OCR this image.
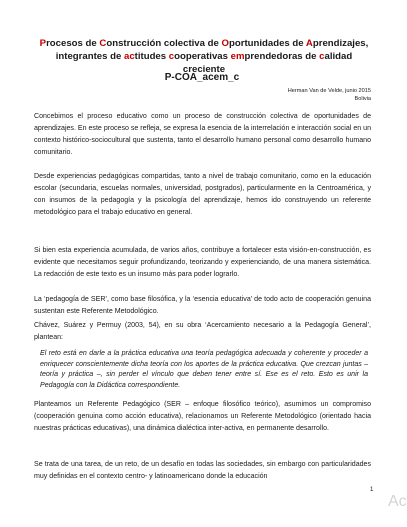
Procesos de Construcción colectiva de Oportunidades de Aprendizajes,
integrantes de actitudes cooperativas emprendedoras de calidad creciente
P-COA_acem_c
Herman Van de Velde, junio 2015
Bolivia

Concebimos el proceso educativo como un proceso de construcción colectiva de oportunidades de aprendizajes. En este proceso se refleja, se expresa la esencia de la interrelación e interacción social en un contexto histórico-sociocultural que sustenta, tanto el desarrollo humano personal como desarrollo humano comunitario.

Desde experiencias pedagógicas compartidas, tanto a nivel de trabajo comunitario, como en la educación escolar (secundaria, escuelas normales, universidad, postgrados), particularmente en la Centroamérica, y con insumos de la pedagogía y la psicología del aprendizaje, hemos ido construyendo un referente metodológico para el trabajo educativo en general.

Si bien esta experiencia acumulada, de varios años, contribuye a fortalecer esta visión-en-construcción, es evidente que necesitamos seguir profundizando, teorizando y experienciando, de una manera sistemática. La redacción de este texto es un insumo más para poder lograrlo.

La ‘pedagogía de SER’, como base filosófica, y la ‘esencia educativa’ de todo acto de cooperación genuina sustentan este Referente Metodológico.

Chávez, Suárez y Permuy (2003, 54), en su obra ‘Acercamiento necesario a la Pedagogía General’, plantean:

El reto está en darle a la práctica educativa una teoría pedagógica adecuada y coherente y proceder a enriquecer conscientemente dicha teoría con los aportes de la práctica educativa. Que crezcan juntas – teoría y práctica –, sin perder el vínculo que deben tener entre sí. Ese es el reto. Esto es unir la Pedagogía con la Didáctica correspondiente.

Planteamos un Referente Pedagógico (SER – enfoque filosófico teórico), asumimos un compromiso (cooperación genuina como acción educativa), relacionamos un Referente Metodológico (orientado hacia nuestras prácticas educativas), una dinámica dialéctica inter-activa, en permanente desarrollo.

Se trata de una tarea, de un reto, de un desafío en todas las sociedades, sin embargo con particularidades muy definidas en el contexto centro- y latinoamericano donde la educación

1
Ac
